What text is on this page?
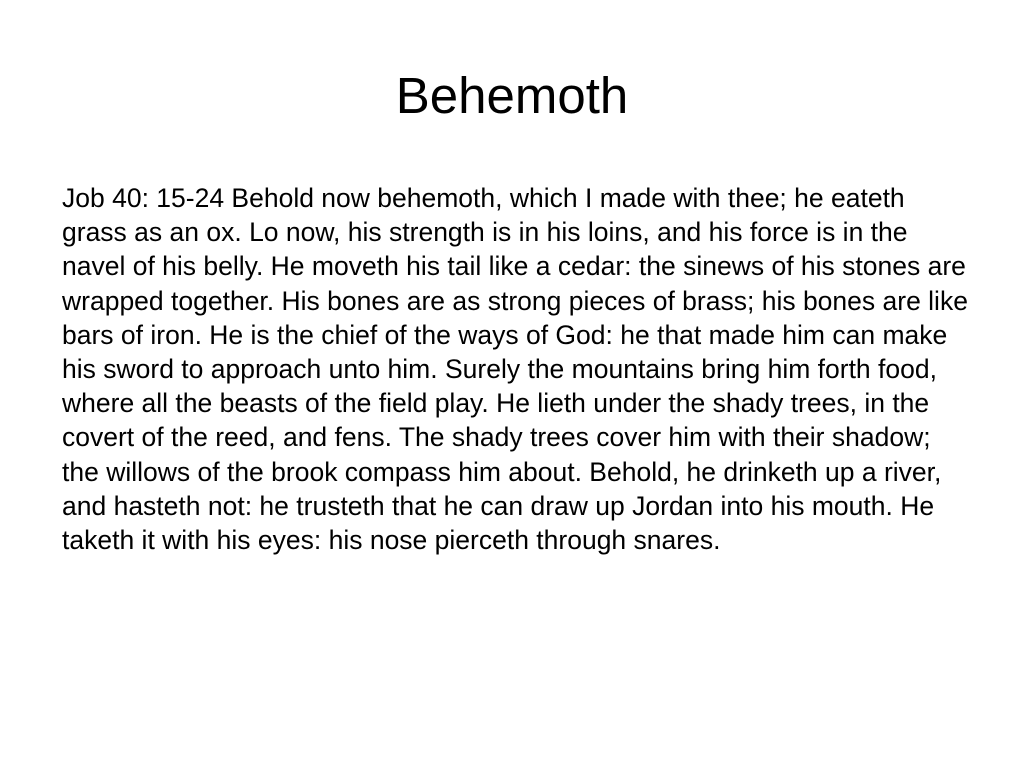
Behemoth

Job 40: 15-24 Behold now behemoth, which I made with thee; he eateth grass as an ox. Lo now, his strength is in his loins, and his force is in the navel of his belly. He moveth his tail like a cedar: the sinews of his stones are wrapped together. His bones are as strong pieces of brass; his bones are like bars of iron. He is the chief of the ways of God: he that made him can make his sword to approach unto him. Surely the mountains bring him forth food, where all the beasts of the field play. He lieth under the shady trees, in the covert of the reed, and fens. The shady trees cover him with their shadow; the willows of the brook compass him about. Behold, he drinketh up a river, and hasteth not: he trusteth that he can draw up Jordan into his mouth. He taketh it with his eyes: his nose pierceth through snares.
